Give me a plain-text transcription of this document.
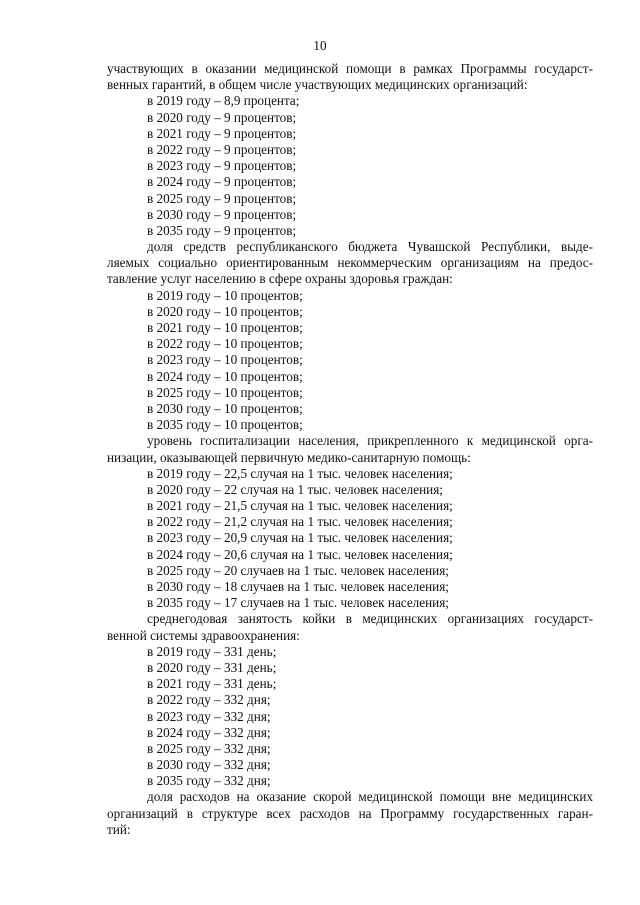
10
участвующих в оказании медицинской помощи в рамках Программы государст-
венных гарантий, в общем числе участвующих медицинских организаций:
в 2019 году – 8,9 процента;
в 2020 году – 9 процентов;
в 2021 году – 9 процентов;
в 2022 году – 9 процентов;
в 2023 году – 9 процентов;
в 2024 году – 9 процентов;
в 2025 году – 9 процентов;
в 2030 году – 9 процентов;
в 2035 году – 9 процентов;
доля средств республиканского бюджета Чувашской Республики, выде-
ляемых социально ориентированным некоммерческим организациям на предос-
тавление услуг населению в сфере охраны здоровья граждан:
в 2019 году – 10 процентов;
в 2020 году – 10 процентов;
в 2021 году – 10 процентов;
в 2022 году – 10 процентов;
в 2023 году – 10 процентов;
в 2024 году – 10 процентов;
в 2025 году – 10 процентов;
в 2030 году – 10 процентов;
в 2035 году – 10 процентов;
уровень госпитализации населения, прикрепленного к медицинской орга-
низации, оказывающей первичную медико-санитарную помощь:
в 2019 году – 22,5 случая на 1 тыс. человек населения;
в 2020 году – 22 случая на 1 тыс. человек населения;
в 2021 году – 21,5 случая на 1 тыс. человек населения;
в 2022 году – 21,2 случая на 1 тыс. человек населения;
в 2023 году – 20,9 случая на 1 тыс. человек населения;
в 2024 году – 20,6 случая на 1 тыс. человек населения;
в 2025 году – 20 случаев на 1 тыс. человек населения;
в 2030 году – 18 случаев на 1 тыс. человек населения;
в 2035 году – 17 случаев на 1 тыс. человек населения;
среднегодовая занятость койки в медицинских организациях государст-
венной системы здравоохранения:
в 2019 году – 331 день;
в 2020 году – 331 день;
в 2021 году – 331 день;
в 2022 году – 332 дня;
в 2023 году – 332 дня;
в 2024 году – 332 дня;
в 2025 году – 332 дня;
в 2030 году – 332 дня;
в 2035 году – 332 дня;
доля расходов на оказание скорой медицинской помощи вне медицинских
организаций в структуре всех расходов на Программу государственных гаран-
тий:
